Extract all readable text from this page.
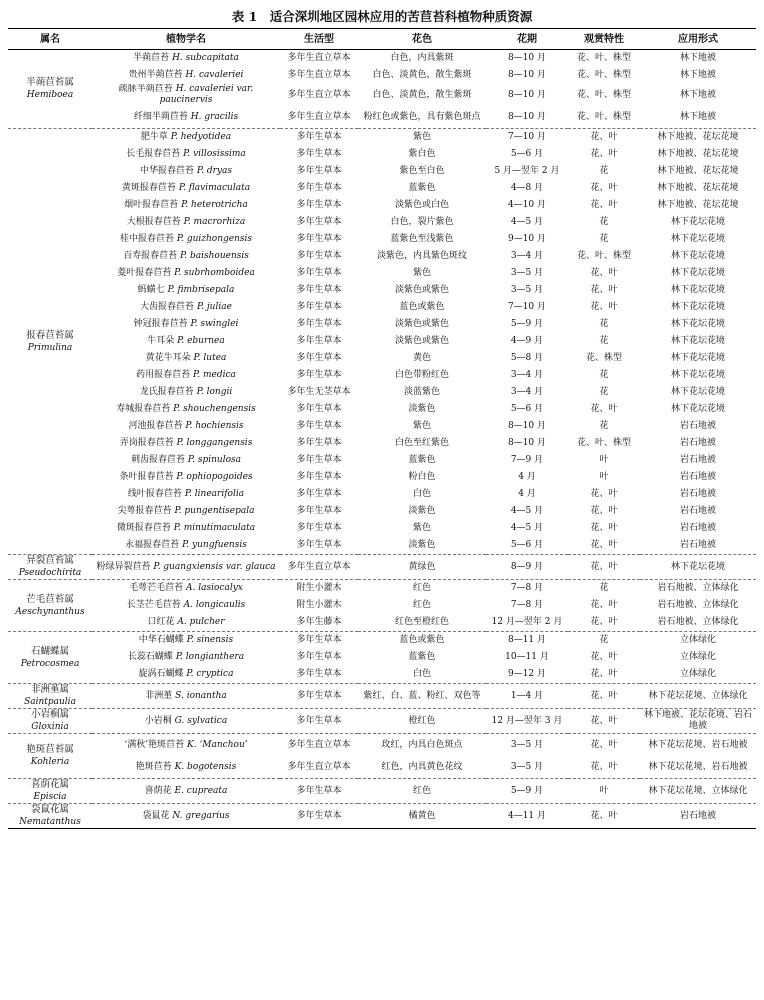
表 1　适合深圳地区园林应用的苦苣苔科植物种质资源
属名	植物学名	生活型	花色	花期	观赏特性	应用形式

半蒴苣苔属
Hemiboea	半蒴苣苔 H. subcapitata	多年生直立草本	白色，内具紫斑	8—10 月	花、叶、株型	林下地被
	贵州半蒴苣苔 H. cavaleriei	多年生直立草本	白色、淡黄色，散生紫斑	8—10 月	花、叶、株型	林下地被
	疏脉半蒴苣苔 H. cavaleriei var. paucinervis	多年生直立草本	白色、淡黄色，散生紫斑	8—10 月	花、叶、株型	林下地被
	纤细半蒴苣苔 H. gracilis	多年生直立草本	粉红色或紫色，具有紫色斑点	8—10 月	花、叶、株型	林下地被

报春苣苔属
Primulina	肥牛草 P. hedyotidea	多年生草本	紫色	7—10 月	花、叶	林下地被、花坛花境
	长毛报春苣苔 P. villosissima	多年生草本	紫白色	5—6 月	花、叶	林下地被、花坛花境
	中华报春苣苔 P. dryas	多年生草本	紫色至白色	5 月—翌年 2 月	花	林下地被、花坛花境
	黄斑报春苣苔 P. flavimaculata	多年生草本	蓝紫色	4—8 月	花、叶	林下地被、花坛花境
	烟叶报春苣苔 P. heterotricha	多年生草本	淡紫色或白色	4—10 月	花、叶	林下地被、花坛花境
	大根报春苣苔 P. macrorhiza	多年生草本	白色，裂片紫色	4—5 月	花	林下花坛花境
	桂中报春苣苔 P. guizhongensis	多年生草本	蓝紫色至浅紫色	9—10 月	花	林下花坛花境
	百寿报春苣苔 P. baishouensis	多年生草本	淡紫色，内具紫色斑纹	3—4 月	花、叶、株型	林下花坛花境
	菱叶报春苣苔 P. subrhomboidea	多年生草本	紫色	3—5 月	花、叶	林下花坛花境
	蚂蟥七 P. fimbrisepala	多年生草本	淡紫色或紫色	3—5 月	花、叶	林下花坛花境
	大齿报春苣苔 P. juliae	多年生草本	蓝色或紫色	7—10 月	花、叶	林下花坛花境
	钟冠报春苣苔 P. swinglei	多年生草本	淡紫色或紫色	5—9 月	花	林下花坛花境
	牛耳朵 P. eburnea	多年生草本	淡紫色或紫色	4—9 月	花	林下花坛花境
	黄花牛耳朵 P. lutea	多年生草本	黄色	5—8 月	花、株型	林下花坛花境
	药用报春苣苔 P. medica	多年生草本	白色带粉红色	3—4 月	花	林下花坛花境
	龙氏报春苣苔 P. longii	多年生无茎草本	淡蓝紫色	3—4 月	花	林下花坛花境
	寿城报春苣苔 P. shouchengensis	多年生草本	淡紫色	5—6 月	花、叶	林下花坛花境
	河池报春苣苔 P. hochiensis	多年生草本	紫色	8—10 月	花	岩石地被
	弄岗报春苣苔 P. longgangensis	多年生草本	白色至红紫色	8—10 月	花、叶、株型	岩石地被
	刺齿报春苣苔 P. spinulosa	多年生草本	蓝紫色	7—9 月	叶	岩石地被
	条叶报春苣苔 P. ophiopogoides	多年生草本	粉白色	4 月	叶	岩石地被
	线叶报春苣苔 P. linearifolia	多年生草本	白色	4 月	花、叶	岩石地被
	尖萼报春苣苔 P. pungentisepala	多年生草本	淡紫色	4—5 月	花、叶	岩石地被
	微斑报春苣苔 P. minutimaculata	多年生草本	紫色	4—5 月	花、叶	岩石地被
	永福报春苣苔 P. yungfuensis	多年生草本	淡紫色	5—6 月	花、叶	岩石地被

异裂苣苔属
Pseudochirita	粉绿异裂苣苔 P. guangxiensis var. glauca	多年生直立草本	黄绿色	8—9 月	花、叶	林下花坛花境

芒毛苣苔属
Aeschynanthus	毛萼芒毛苣苔 A. lasiocalyx	附生小灌木	红色	7—8 月	花	岩石地被、立体绿化
	长茎芒毛苣苔 A. longicaulis	附生小灌木	红色	7—8 月	花、叶	岩石地被、立体绿化
	口红花 A. pulcher	多年生藤本	红色至橙红色	12 月—翌年 2 月	花、叶	岩石地被、立体绿化

石蝴蝶属
Petrocosmea	中华石蝴蝶 P. sinensis	多年生草本	蓝色或紫色	8—11 月	花	立体绿化
	长蕊石蝴蝶 P. longianthera	多年生草本	蓝紫色	10—11 月	花、叶	立体绿化
	旋涡石蝴蝶 P. cryptica	多年生草本	白色	9—12 月	花、叶	立体绿化

非洲堇属
Saintpaulia	非洲堇 S. ionantha	多年生草本	紫红、白、蓝、粉红、双色等	1—4 月	花、叶	林下花坛花境、立体绿化

小岩桐属
Gloxinia	小岩桐 G. sylvatica	多年生草本	橙红色	12 月—翌年 3 月	花、叶	林下地被、花坛花境、岩石地被

艳斑苣苔属
Kohleria	‘满秋’艳斑苣苔 K. ‘Manchou’	多年生直立草本	玫红，内具白色斑点	3—5 月	花、叶	林下花坛花境、岩石地被
	艳斑苣苔 K. bogotensis	多年生直立草本	红色，内具黄色花纹	3—5 月	花、叶	林下花坛花境、岩石地被

喜荫花属
Episcia	喜荫花 E. cupreata	多年生草本	红色	5—9 月	叶	林下花坛花境、立体绿化

袋鼠花属
Nematanthus	袋鼠花 N. gregarius	多年生草本	橘黄色	4—11 月	花、叶	岩石地被
